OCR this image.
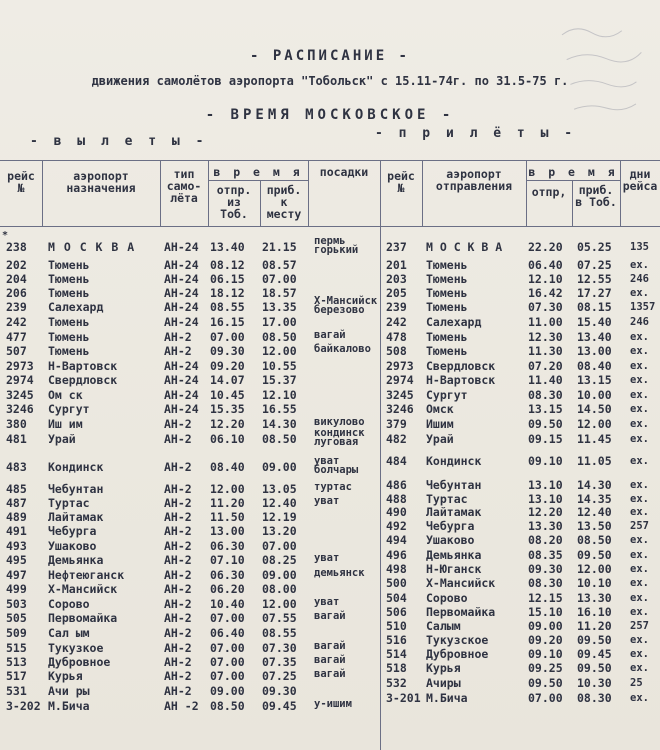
- РАСПИСАНИЕ -
движения самолётов аэропорта "Тобольск" с 15.11-74г. по 31.5-75 г.
- ВРЕМЯ МОСКОВСКОЕ -
- в ы л е т ы -
- п р и л ё т ы -
рейс №
аэропорт назначения
тип само-лёта
в р е м я
отпр. из Тоб.
приб. к месту
посадки	рейс №
аэропорт отправления
в р е м я
отпр,	приб. в Тоб.
дни рейса
*
238 М О С К В А	АН-24 13.40 21.15 пермь горький
202 Тюмень	АН-24 08.12 08.57
204 Тюмень	АН-24 06.15 07.00
206 Тюмень	АН-24 18.12 18.57
239 Салехард	АН-24 08.55 13.35 Х-Мансийск березово
242 Тюмень	АН-24 16.15 17.00
477 Тюмень	АН-2 07.00 08.50 вагай
507 Тюмень	АН-2 09.30 12.00 байкалово
2973 Н-Вартовск	АН-24 09.20 10.55
2974 Свердловск	АН-24 14.07 15.37
3245 Ом ск	АН-24 10.45 12.10
3246 Сургут	АН-24 15.35 16.55
380 Иш им	АН-2 12.20 14.30 викулово
481 Урай	АН-2 06.10 08.50 кондинск луговая
483 Кондинск	АН-2 08.40 09.00 уват болчары
485 Чебунтан	АН-2 12.00 13.05 туртас
487 Туртас	АН-2 11.20 12.40 уват
489 Лайтамак	АН-2 11.50 12.19
491 Чебурга	АН-2 13.00 13.20
493 Ушаково	АН-2 06.30 07.00
495 Демьянка	АН-2 07.10 08.25 уват
497 Нефтеюганск	АН-2 06.30 09.00 демьянск
499 Х-Мансийск	АН-2 06.20 08.00
503 Сорово	АН-2 10.40 12.00 уват
505 Первомайка	АН-2 07.00 07.55 вагай
509 Сал ым	АН-2 06.40 08.55
515 Тукузкое	АН-2 07.00 07.30 вагай
513 Дубровное	АН-2 07.00 07.35 вагай
517 Курья	АН-2 07.00 07.25 вагай
531 Ачи ры	АН-2 09.00 09.30
3-202 М.Бича	АН -2 08.50 09.45 у-ишим
237 М О С К В А	22.20 05.25 135
201 Тюмень	06.40 07.25 ех.
203 Тюмень	12.10 12.55 246
205 Тюмень	16.42 17.27 ех.
239 Тюмень	07.30 08.15 1357
242 Салехард	11.00 15.40 246
478 Тюмень	12.30 13.40 ех.
508 Тюмень	11.30 13.00 ех.
2973 Свердловск	07.20 08.40 ех.
2974 Н-Вартовск	11.40 13.15 ех.
3245 Сургут	08.30 10.00 ех.
3246 Омск	13.15 14.50 ех.
379 Ишим	09.50 12.00 ех.
482 Урай	09.15 11.45 ех.
484 Кондинск	09.10 11.05 ех.
486 Чебунтан	13.10 14.30 ех.
488 Туртас	13.10 14.35 ех.
490 Лайтамак	12.20 12.40 ех.
492 Чебурга	13.30 13.50 257
494 Ушаково	08.20 08.50 ех.
496 Демьянка	08.35 09.50 ех.
498 Н-Юганск	09.30 12.00 ех.
500 Х-Мансийск	08.30 10.10 ех.
504 Сорово	12.15 13.30 ех.
506 Первомайка	15.10 16.10 ех.
510 Салым	09.00 11.20 257
516 Тукузское	09.20 09.50 ех.
514 Дубровное	09.10 09.45 ех.
518 Курья	09.25 09.50 ех.
532 Ачиры	09.50 10.30 25
3-201 М.Бича	07.00 08.30 ех.
